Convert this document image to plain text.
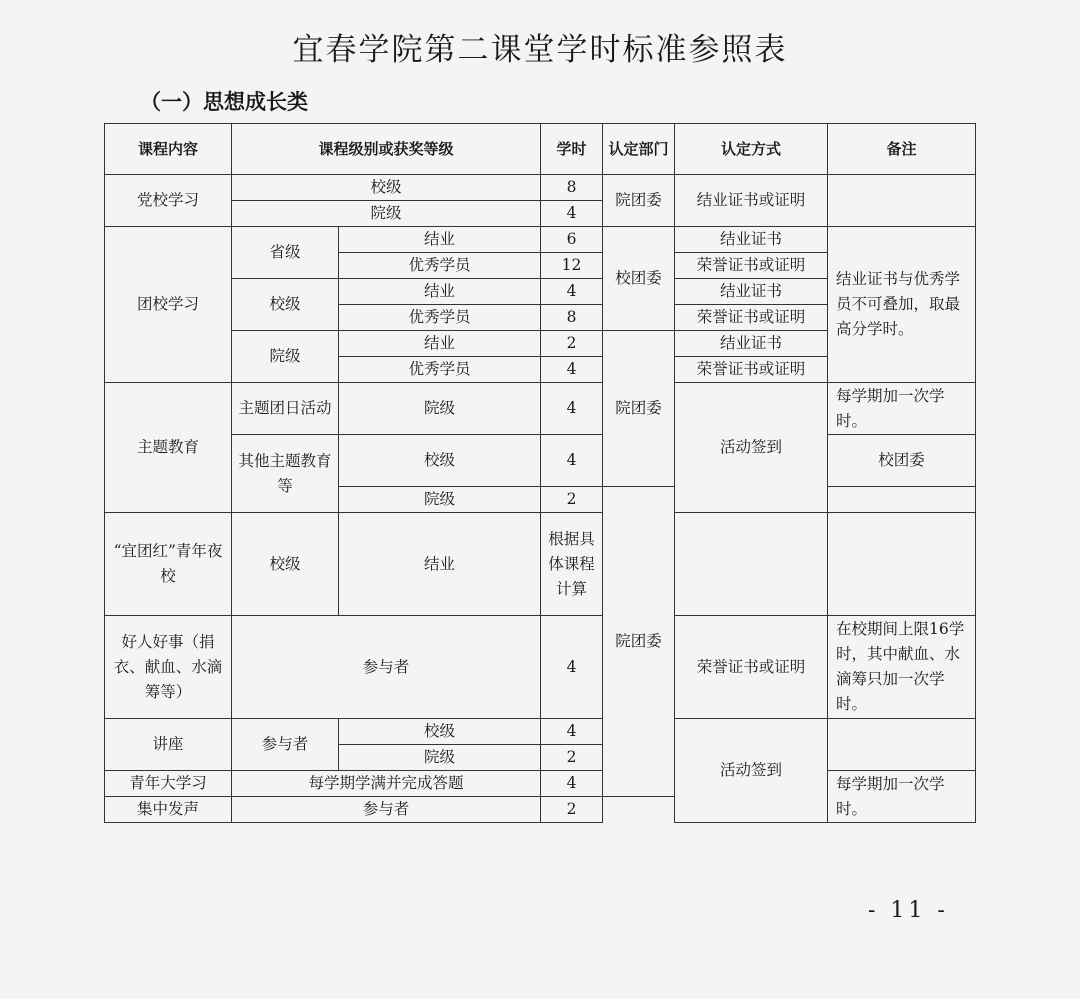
宜春学院第二课堂学时标准参照表
（一）思想成长类
课程内容	课程级别或获奖等级		学时	认定部门	认定方式	备注	
党校学习	校级		8	院团委	结业证书或证明		
	院级		4				
团校学习	省级	结业	6	校团委	结业证书	结业证书与优秀学员不可叠加，取最高分学时。	
		优秀学员	12		荣誉证书或证明		
	校级	结业	4		结业证书		
		优秀学员	8		荣誉证书或证明		
	院级	结业	2	院团委	结业证书		
		优秀学员	4		荣誉证书或证明		
主题教育	主题团日活动	院级	4		活动签到	每学期加一次学时。	
	其他主题教育等	校级	4			校团委	
		院级	2	院团委			
“宜团红”青年夜校	校级	结业	根据具体课程计算				
好人好事（捐衣、献血、水滴筹等）	参与者		4		荣誉证书或证明	在校期间上限16学时，其中献血、水滴筹只加一次学时。	
讲座	参与者	校级	4		活动签到		
		院级	2				
青年大学习	每学期学满并完成答题		4			每学期加一次学时。	
集中发声	参与者		2				
- 11 -
